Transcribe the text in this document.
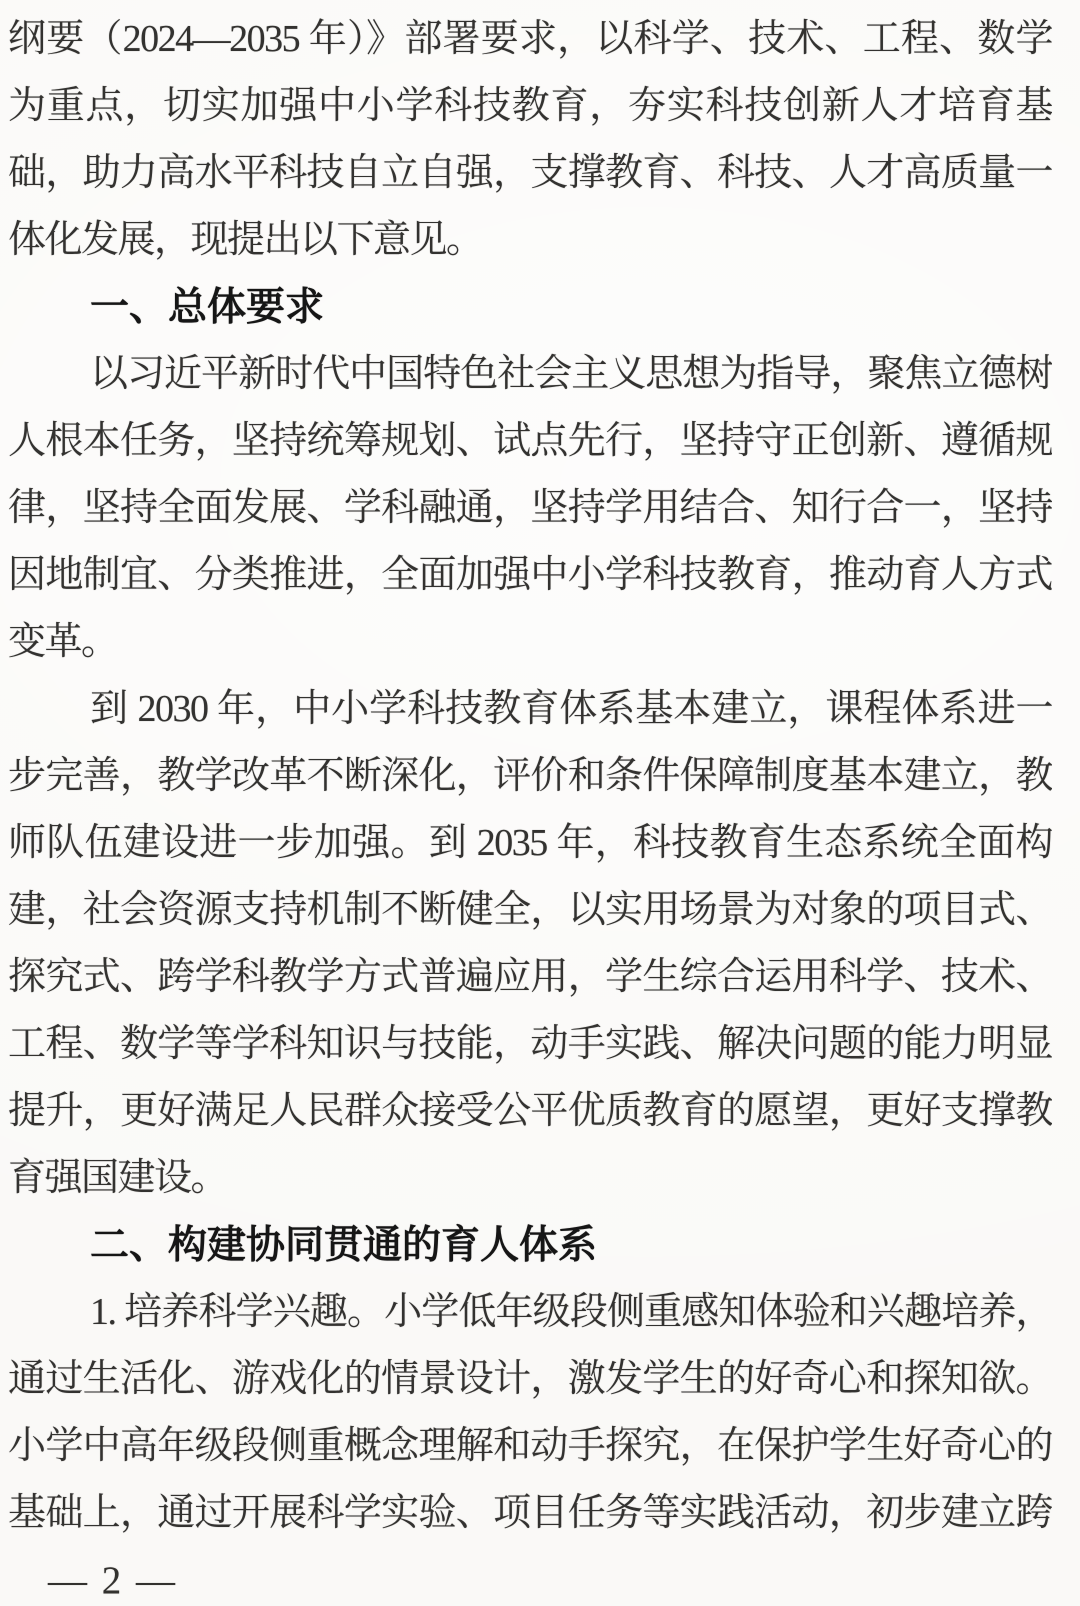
纲要（2024—2035 年）》部署要求，以科学、技术、工程、数学
为重点，切实加强中小学科技教育，夯实科技创新人才培育基
础，助力高水平科技自立自强，支撑教育、科技、人才高质量一
体化发展，现提出以下意见。
一、总体要求
以习近平新时代中国特色社会主义思想为指导，聚焦立德树
人根本任务，坚持统筹规划、试点先行，坚持守正创新、遵循规
律，坚持全面发展、学科融通，坚持学用结合、知行合一，坚持
因地制宜、分类推进，全面加强中小学科技教育，推动育人方式
变革。
到 2030 年，中小学科技教育体系基本建立，课程体系进一
步完善，教学改革不断深化，评价和条件保障制度基本建立，教
师队伍建设进一步加强。到 2035 年，科技教育生态系统全面构
建，社会资源支持机制不断健全，以实用场景为对象的项目式、
探究式、跨学科教学方式普遍应用，学生综合运用科学、技术、
工程、数学等学科知识与技能，动手实践、解决问题的能力明显
提升，更好满足人民群众接受公平优质教育的愿望，更好支撑教
育强国建设。
二、构建协同贯通的育人体系
1. 培养科学兴趣。小学低年级段侧重感知体验和兴趣培养，
通过生活化、游戏化的情景设计，激发学生的好奇心和探知欲。
小学中高年级段侧重概念理解和动手探究，在保护学生好奇心的
基础上，通过开展科学实验、项目任务等实践活动，初步建立跨
— 2 —
